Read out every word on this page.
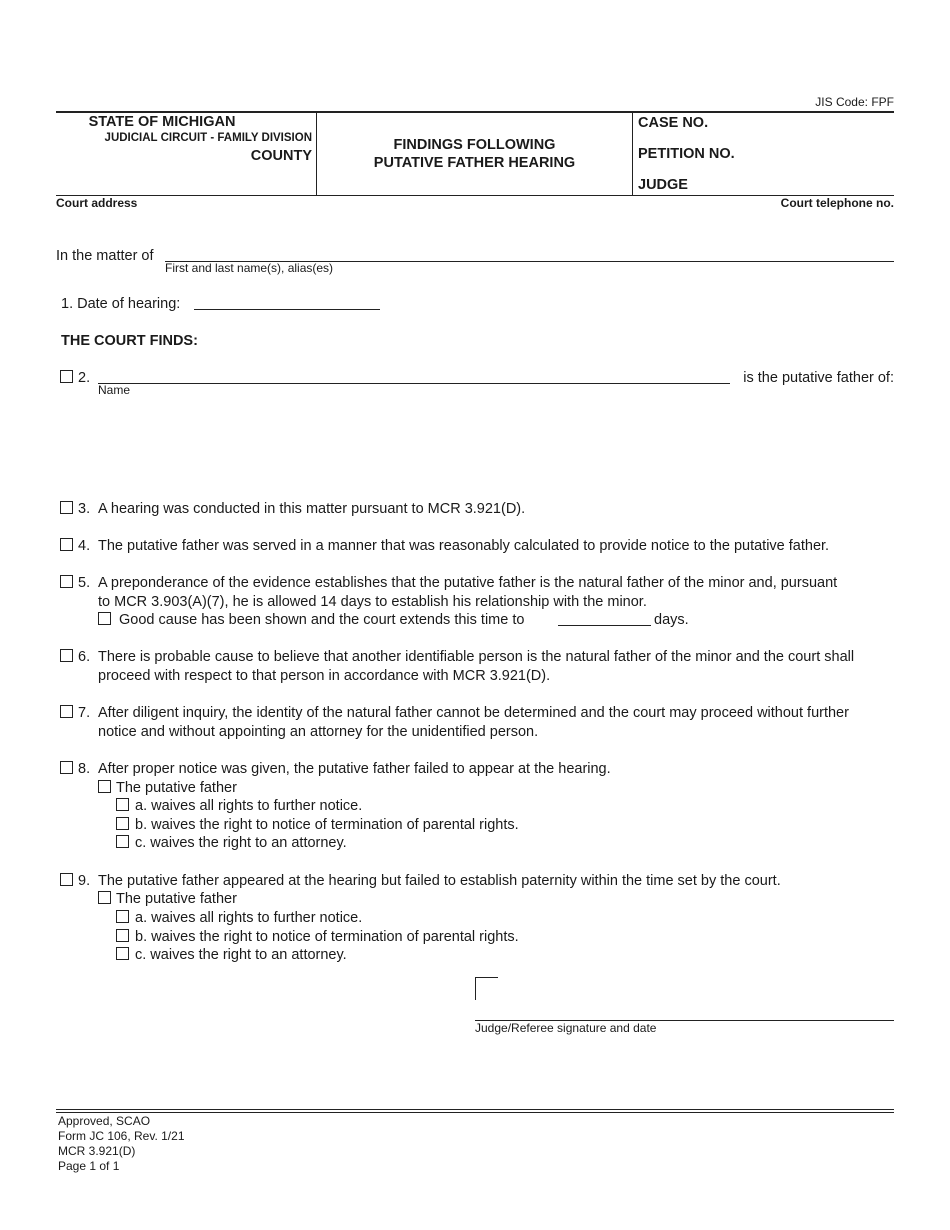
JIS Code: FPF
STATE OF MICHIGAN
JUDICIAL CIRCUIT - FAMILY DIVISION
COUNTY
FINDINGS FOLLOWING
PUTATIVE FATHER HEARING
CASE NO.
PETITION NO.
JUDGE
Court address	Court telephone no.
In the matter of
First and last name(s), alias(es)
1. Date of hearing:
THE COURT FINDS:
2.	is the putative father of:
Name
3. A hearing was conducted in this matter pursuant to MCR 3.921(D).
4. The putative father was served in a manner that was reasonably calculated to provide notice to the putative father.
5. A preponderance of the evidence establishes that the putative father is the natural father of the minor and, pursuant
to MCR 3.903(A)(7), he is allowed 14 days to establish his relationship with the minor.
Good cause has been shown and the court extends this time to	days.
6. There is probable cause to believe that another identifiable person is the natural father of the minor and the court shall
proceed with respect to that person in accordance with MCR 3.921(D).
7. After diligent inquiry, the identity of the natural father cannot be determined and the court may proceed without further
notice and without appointing an attorney for the unidentified person.
8. After proper notice was given, the putative father failed to appear at the hearing.
The putative father
a. waives all rights to further notice.
b. waives the right to notice of termination of parental rights.
c. waives the right to an attorney.
9. The putative father appeared at the hearing but failed to establish paternity within the time set by the court.
The putative father
a. waives all rights to further notice.
b. waives the right to notice of termination of parental rights.
c. waives the right to an attorney.
Judge/Referee signature and date
Approved, SCAO
Form JC 106, Rev. 1/21
MCR 3.921(D)
Page 1 of 1
